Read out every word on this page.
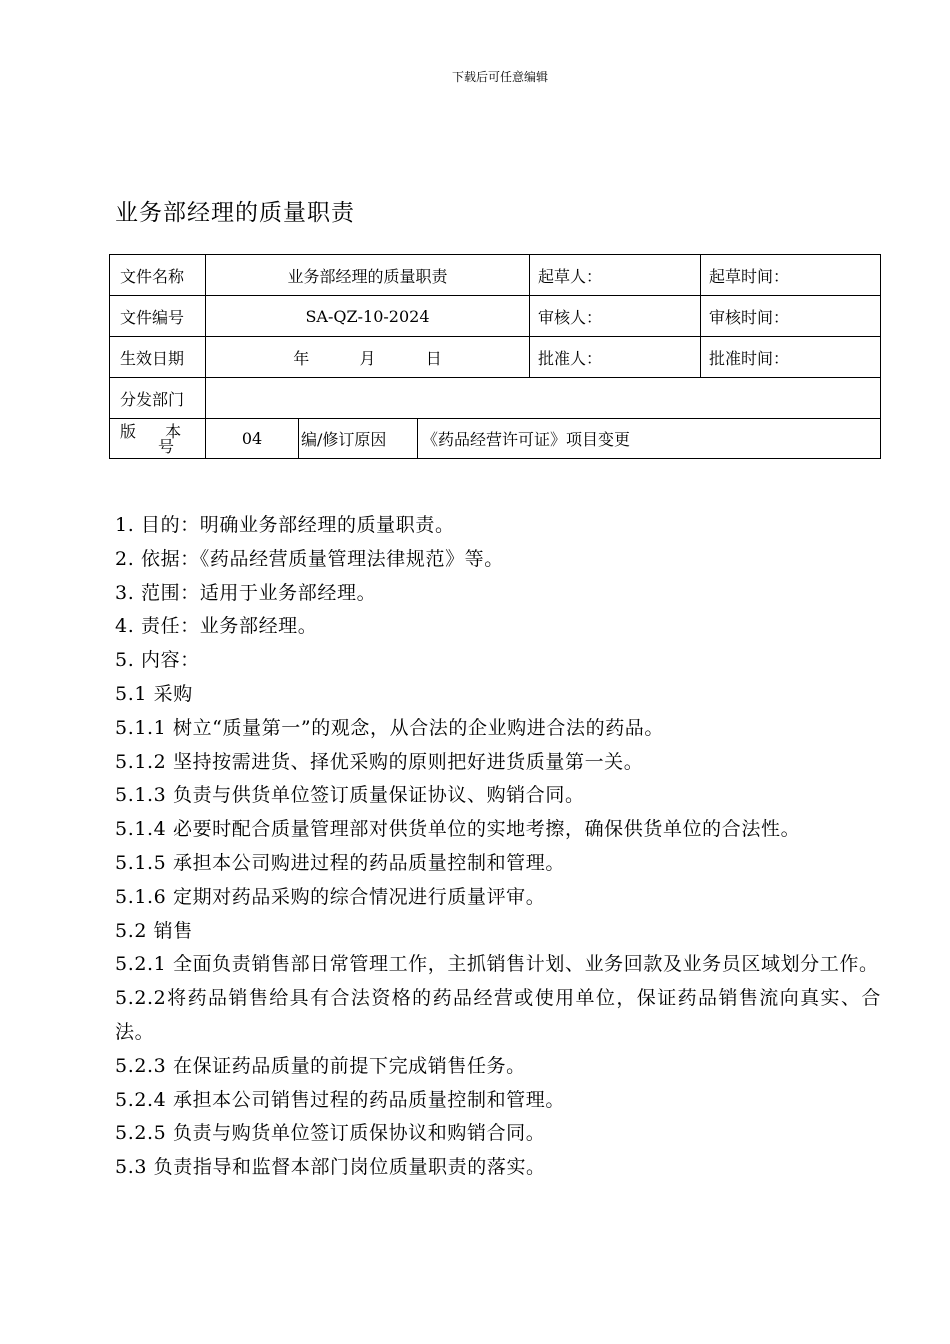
下载后可任意编辑
业务部经理的质量职责
文件名称	业务部经理的质量职责			起草人：	起草时间：
文件编号	SA-QZ-10-2024			审核人：	审核时间：
生效日期	年 月 日			批准人：	批准时间：
分发部门					

版 本
号	04	编/修订原因	《药品经营许可证》项目变更		

1. 目的：明确业务部经理的质量职责。

2. 依据：《药品经营质量管理法律规范》等。

3. 范围：适用于业务部经理。

4. 责任：业务部经理。

5. 内容：

5.1 采购

5.1.1 树立“质量第一”的观念，从合法的企业购进合法的药品。

5.1.2 坚持按需进货、择优采购的原则把好进货质量第一关。

5.1.3 负责与供货单位签订质量保证协议、购销合同。

5.1.4 必要时配合质量管理部对供货单位的实地考擦，确保供货单位的合法性。

5.1.5 承担本公司购进过程的药品质量控制和管理。

5.1.6 定期对药品采购的综合情况进行质量评审。

5.2 销售

5.2.1 全面负责销售部日常管理工作，主抓销售计划、业务回款及业务员区域划分工作。

5.2.2将药品销售给具有合法资格的药品经营或使用单位，保证药品销售流向真实、合法。

5.2.3 在保证药品质量的前提下完成销售任务。

5.2.4 承担本公司销售过程的药品质量控制和管理。

5.2.5 负责与购货单位签订质保协议和购销合同。

5.3 负责指导和监督本部门岗位质量职责的落实。
